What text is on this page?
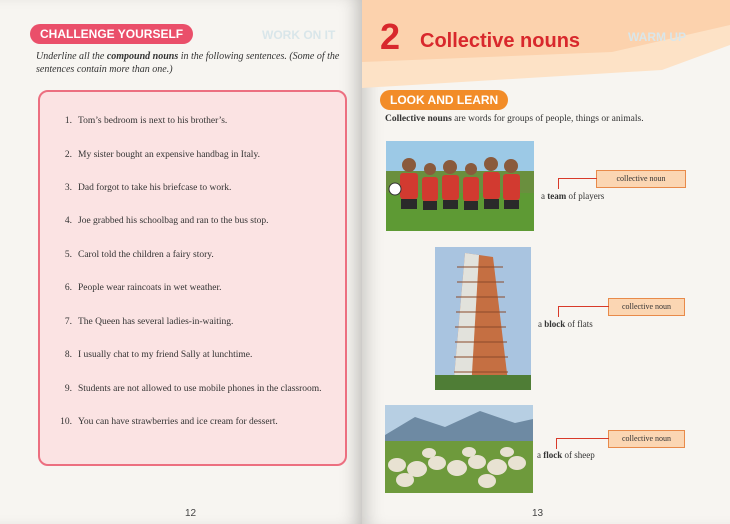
WORK ON IT
CHALLENGE YOURSELF
Underline all the compound nouns in the following sentences. (Some of the sentences contain more than one.)
1. Tom’s bedroom is next to his brother’s.
2. My sister bought an expensive handbag in Italy.
3. Dad forgot to take his briefcase to work.
4. Joe grabbed his schoolbag and ran to the bus stop.
5. Carol told the children a fairy story.
6. People wear raincoats in wet weather.
7. The Queen has several ladies-in-waiting.
8. I usually chat to my friend Sally at lunchtime.
9. Students are not allowed to use mobile phones in the classroom.
10. You can have strawberries and ice cream for dessert.
12
WARM UP
2 Collective nouns
13
LOOK AND LEARN
Collective nouns are words for groups of people, things or animals.
collective noun
a team of players
collective noun
a block of flats
collective noun
a flock of sheep
